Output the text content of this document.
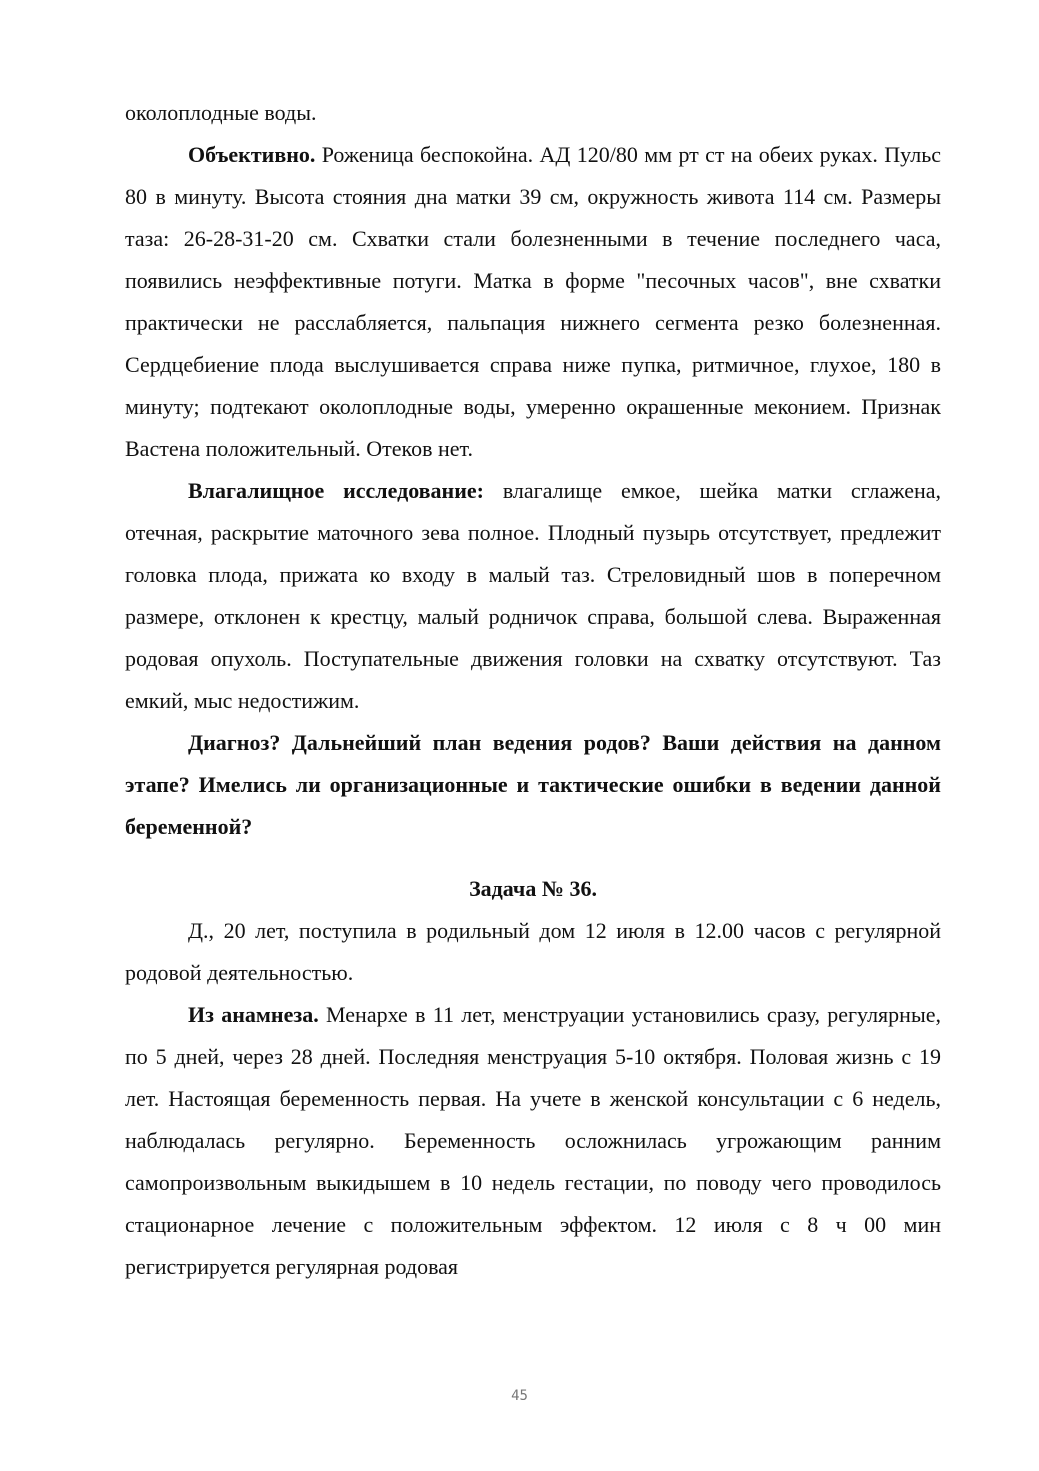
околоплодные воды.

Объективно. Роженица беспокойна. АД 120/80 мм рт ст на обеих руках. Пульс 80 в минуту. Высота стояния дна матки 39 см, окружность живота 114 см. Размеры таза: 26-28-31-20 см. Схватки стали болезненными в течение последнего часа, появились неэффективные потуги. Матка в форме "песочных часов", вне схватки практически не расслабляется, пальпация нижнего сегмента резко болезненная. Сердцебиение плода выслушивается справа ниже пупка, ритмичное, глухое, 180 в минуту; подтекают околоплодные воды, умеренно окрашенные меконием. Признак Вастена положительный. Отеков нет.

Влагалищное исследование: влагалище емкое, шейка матки сглажена, отечная, раскрытие маточного зева полное. Плодный пузырь отсутствует, предлежит головка плода, прижата ко входу в малый таз. Стреловидный шов в поперечном размере, отклонен к крестцу, малый родничок справа, большой слева. Выраженная родовая опухоль. Поступательные движения головки на схватку отсутствуют. Таз емкий, мыс недостижим.

Диагноз? Дальнейший план ведения родов? Ваши действия на данном этапе? Имелись ли организационные и тактические ошибки в ведении данной беременной?

Задача № 36.

Д., 20 лет, поступила в родильный дом 12 июля в 12.00 часов с регулярной родовой деятельностью.

Из анамнеза. Менархе в 11 лет, менструации установились сразу, регулярные, по 5 дней, через 28 дней. Последняя менструация 5-10 октября. Половая жизнь с 19 лет. Настоящая беременность первая. На учете в женской консультации с 6 недель, наблюдалась регулярно. Беременность осложнилась угрожающим ранним самопроизвольным выкидышем в 10 недель гестации, по поводу чего проводилось стационарное лечение с положительным эффектом. 12 июля с 8 ч 00 мин регистрируется регулярная родовая

45
